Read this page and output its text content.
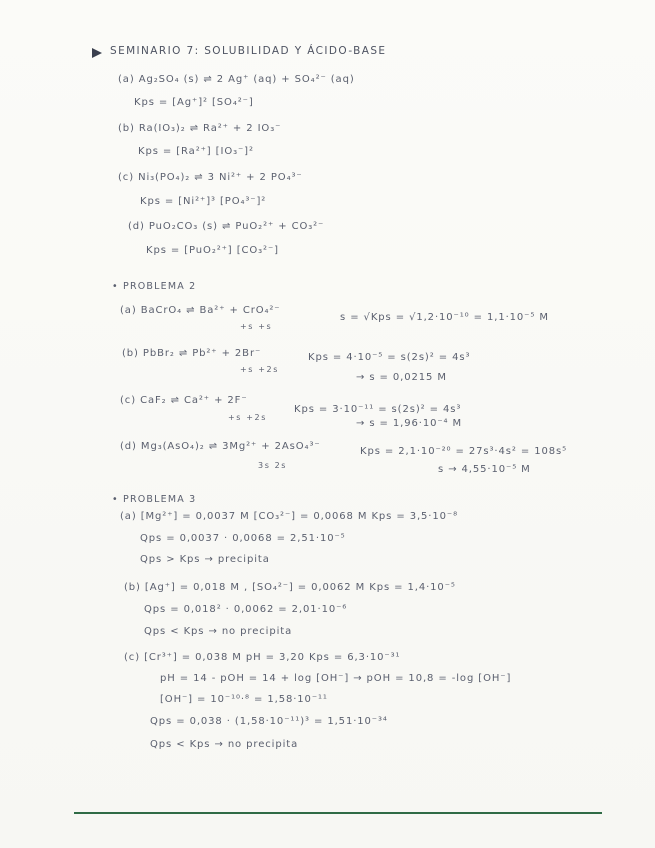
SEMINARIO 7: SOLUBILIDAD Y ÁCIDO-BASE
(a) Ag₂SO₄ (s) ⇌ 2 Ag⁺ (aq) + SO₄²⁻ (aq)
Kps = [Ag⁺]² [SO₄²⁻]
(b) Ra(IO₃)₂ ⇌ Ra²⁺ + 2 IO₃⁻
Kps = [Ra²⁺] [IO₃⁻]²
(c) Ni₃(PO₄)₂ ⇌ 3 Ni²⁺ + 2 PO₄³⁻
Kps = [Ni²⁺]³ [PO₄³⁻]²
(d) PuO₂CO₃ (s) ⇌ PuO₂²⁺ + CO₃²⁻
Kps = [PuO₂²⁺] [CO₃²⁻]
• PROBLEMA 2
(a) BaCrO₄ ⇌ Ba²⁺ + CrO₄²⁻
+s +s
s = √Kps = √1,2·10⁻¹⁰ = 1,1·10⁻⁵ M
(b) PbBr₂ ⇌ Pb²⁺ + 2Br⁻
+s +2s
Kps = 4·10⁻⁵ = s(2s)² = 4s³
→ s = 0,0215 M
(c) CaF₂ ⇌ Ca²⁺ + 2F⁻
+s +2s
Kps = 3·10⁻¹¹ = s(2s)² = 4s³
→ s = 1,96·10⁻⁴ M
(d) Mg₃(AsO₄)₂ ⇌ 3Mg²⁺ + 2AsO₄³⁻
3s 2s
Kps = 2,1·10⁻²⁰ = 27s³·4s² = 108s⁵
s → 4,55·10⁻⁵ M
• PROBLEMA 3
(a) [Mg²⁺] = 0,0037 M [CO₃²⁻] = 0,0068 M Kps = 3,5·10⁻⁸
Qps = 0,0037 · 0,0068 = 2,51·10⁻⁵
Qps > Kps → precipita
(b) [Ag⁺] = 0,018 M , [SO₄²⁻] = 0,0062 M Kps = 1,4·10⁻⁵
Qps = 0,018² · 0,0062 = 2,01·10⁻⁶
Qps < Kps → no precipita
(c) [Cr³⁺] = 0,038 M pH = 3,20 Kps = 6,3·10⁻³¹
pH = 14 - pOH = 14 + log [OH⁻] → pOH = 10,8 = -log [OH⁻]
[OH⁻] = 10⁻¹⁰·⁸ = 1,58·10⁻¹¹
Qps = 0,038 · (1,58·10⁻¹¹)³ = 1,51·10⁻³⁴
Qps < Kps → no precipita
